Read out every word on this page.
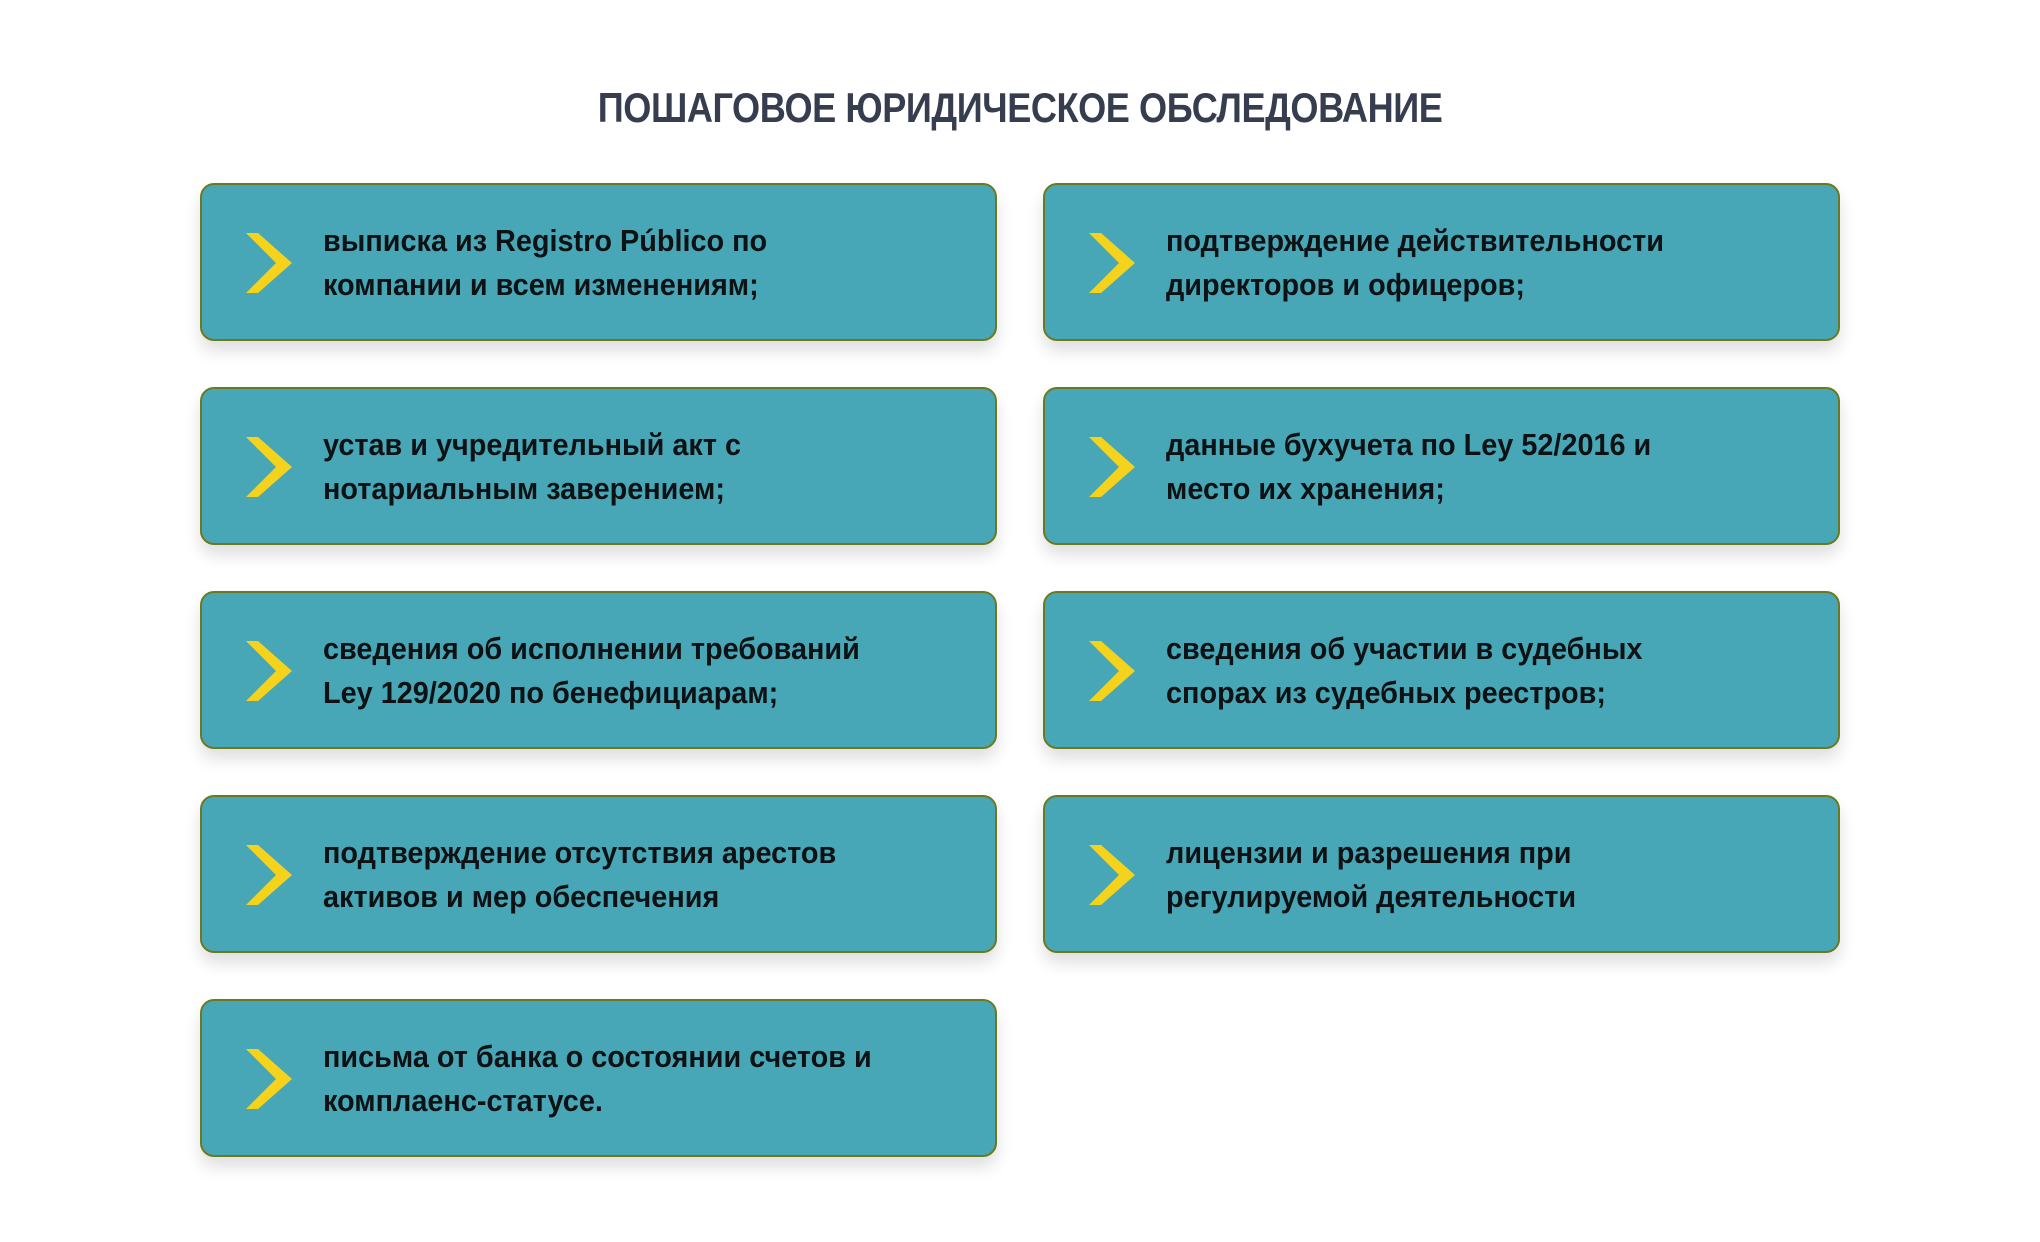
ПОШАГОВОЕ ЮРИДИЧЕСКОЕ ОБСЛЕДОВАНИЕ
выписка из Registro Público по
компании и всем изменениям;
подтверждение действительности
директоров и офицеров;
устав и учредительный акт с
нотариальным заверением;
данные бухучета по Ley 52/2016 и
место их хранения;
сведения об исполнении требований
Ley 129/2020 по бенефициарам;
сведения об участии в судебных
спорах из судебных реестров;
подтверждение отсутствия арестов
активов и мер обеспечения
лицензии и разрешения при
регулируемой деятельности
письма от банка о состоянии счетов и
комплаенс-статусе.
